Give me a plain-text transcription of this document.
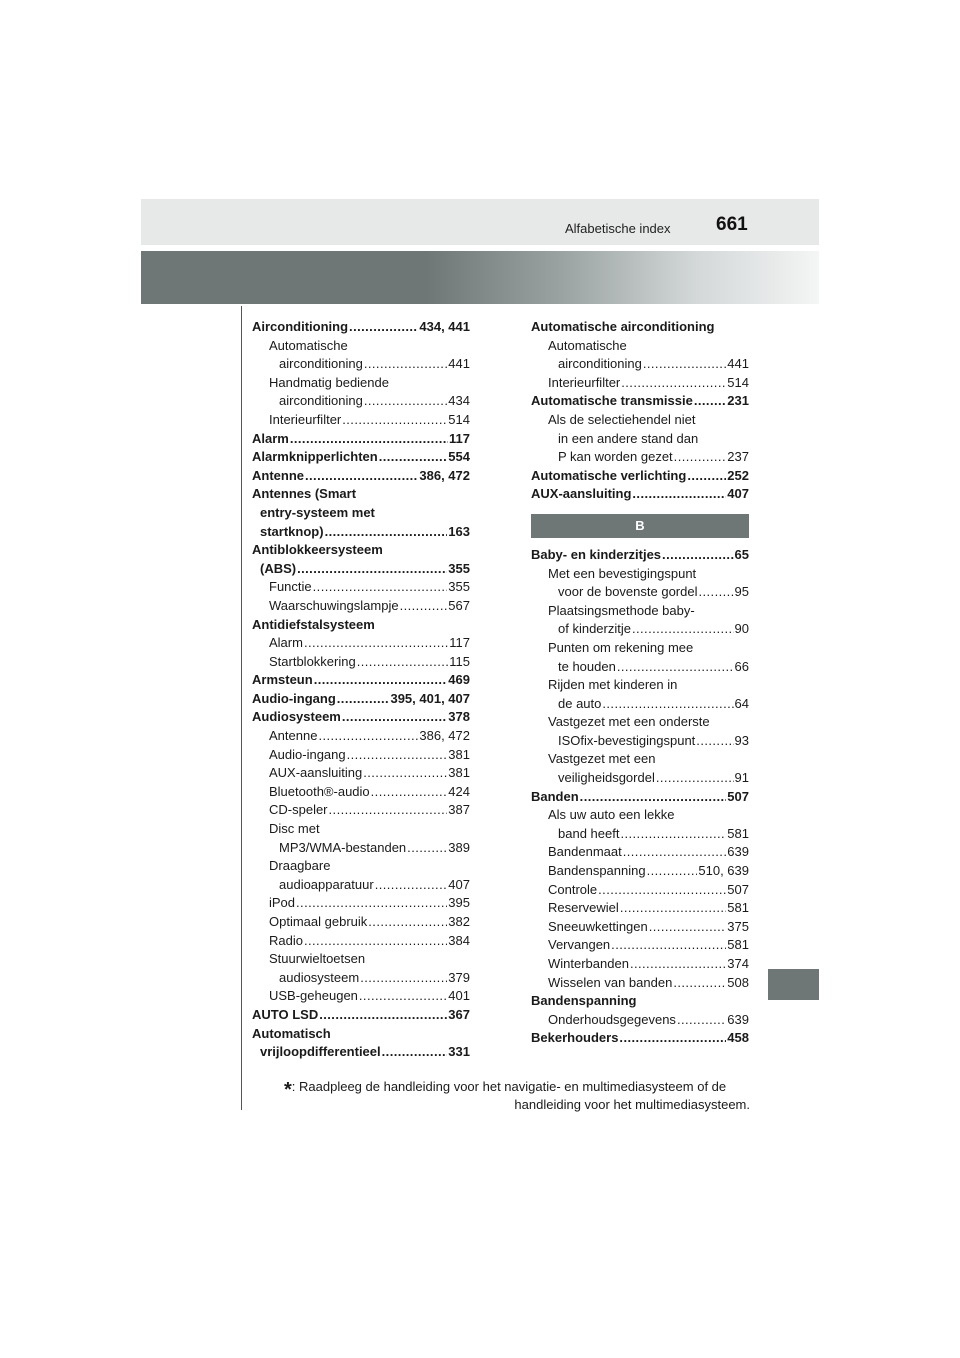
Alfabetische index 661
Airconditioning . . .	434, 441
Automatische
airconditioning . . .	441
Handmatig bediende
airconditioning . . .	434
Interieurfilter . . .	514
Alarm . . .	117
Alarmknipperlichten . . .	554
Antenne . . .	386, 472
Antennes (Smart
entry-systeem met
startknop) . . .	163
Antiblokkeersysteem
(ABS) . . .	355
Functie . . .	355
Waarschuwingslampje . . .	567
Antidiefstalsysteem
Alarm . . .	117
Startblokkering . . .	115
Armsteun . . .	469
Audio-ingang . . .	395, 401, 407
Audiosysteem . . .	378
Antenne . . .	386, 472
Audio-ingang . . .	381
AUX-aansluiting . . .	381
Bluetooth®-audio . . .	424
CD-speler . . .	387
Disc met
MP3/WMA-bestanden . . .	389
Draagbare
audioapparatuur . . .	407
iPod . . .	395
Optimaal gebruik . . .	382
Radio . . .	384
Stuurwieltoetsen
audiosysteem . . .	379
USB-geheugen . . .	401
AUTO LSD . . .	367
Automatisch
vrijloopdifferentieel . . .	331
Automatische airconditioning
Automatische
airconditioning . . .	441
Interieurfilter . . .	514
Automatische transmissie . . .	231
Als de selectiehendel niet
in een andere stand dan
P kan worden gezet . . .	237
Automatische verlichting . . .	252
AUX-aansluiting . . .	407
B
Baby- en kinderzitjes . . .	65
Met een bevestigingspunt
voor de bovenste gordel . . .	95
Plaatsingsmethode baby-
of kinderzitje . . .	90
Punten om rekening mee
te houden . . .	66
Rijden met kinderen in
de auto . . .	64
Vastgezet met een onderste
ISOfix-bevestigingspunt . . .	93
Vastgezet met een
veiligheidsgordel . . .	91
Banden . . .	507
Als uw auto een lekke
band heeft . . .	581
Bandenmaat . . .	639
Bandenspanning . . .	510, 639
Controle . . .	507
Reservewiel . . .	581
Sneeuwkettingen . . .	375
Vervangen . . .	581
Winterbanden . . .	374
Wisselen van banden . . .	508
Bandenspanning
Onderhoudsgegevens . . .	639
Bekerhouders . . .	458
*: Raadpleeg de handleiding voor het navigatie- en multimediasysteem of de
handleiding voor het multimediasysteem.
